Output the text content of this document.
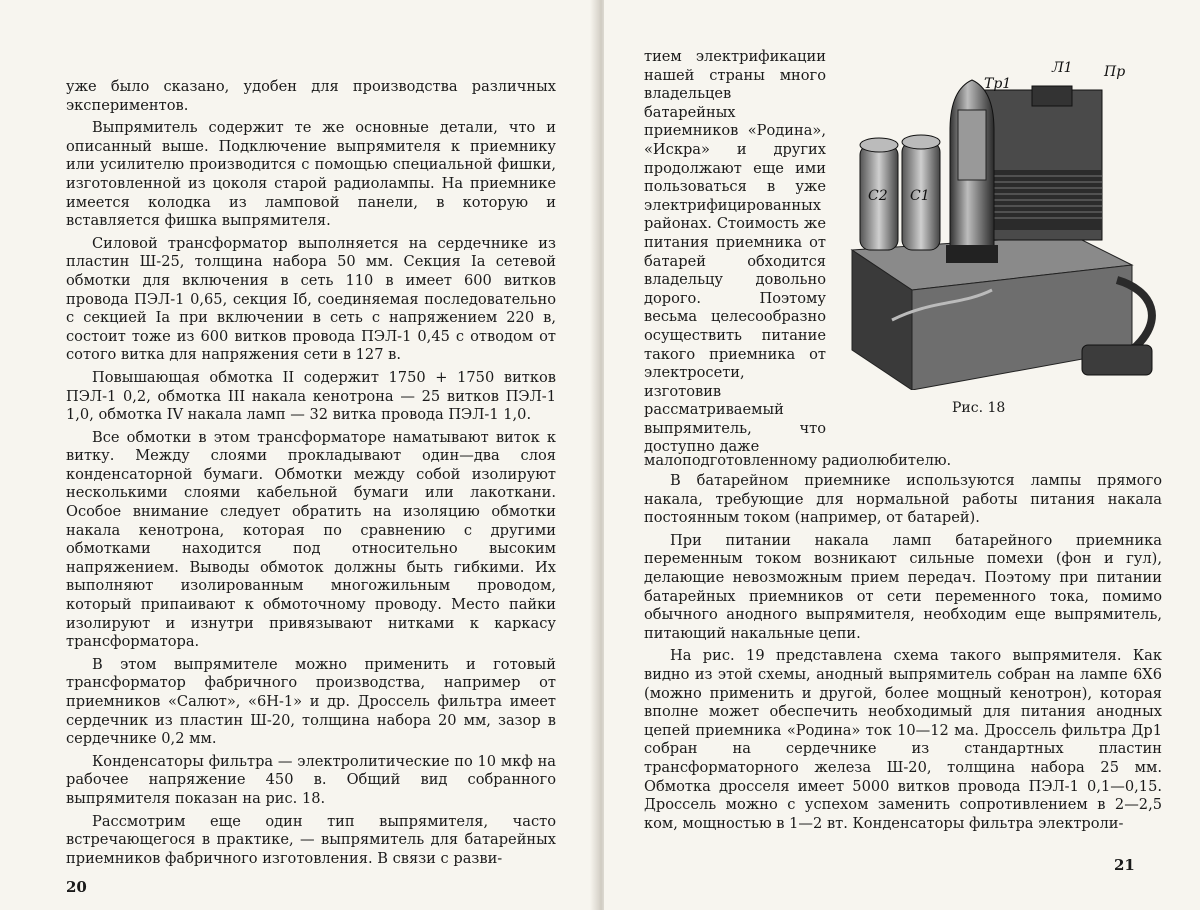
уже было сказано, удобен для производства различных экспериментов.

Выпрямитель содержит те же основные детали, что и описанный выше. Подключение выпрямителя к приемнику или усилителю производится с помощью специальной фишки, изготовленной из цоколя старой радиолампы. На приемнике имеется колодка из ламповой панели, в которую и вставляется фишка выпрямителя.

Силовой трансформатор выполняется на сердечнике из пластин Ш-25, толщина набора 50 мм. Секция Iа сетевой обмотки для включения в сеть 110 в имеет 600 витков провода ПЭЛ-1 0,65, секция Iб, соединяемая последовательно с секцией Iа при включении в сеть с напряжением 220 в, состоит тоже из 600 витков провода ПЭЛ-1 0,45 с отводом от сотого витка для напряжения сети в 127 в.

Повышающая обмотка II содержит 1750 + 1750 витков ПЭЛ-1 0,2, обмотка III накала кенотрона — 25 витков ПЭЛ-1 1,0, обмотка IV накала ламп — 32 витка провода ПЭЛ-1 1,0.

Все обмотки в этом трансформаторе наматывают виток к витку. Между слоями прокладывают один—два слоя конденсаторной бумаги. Обмотки между собой изолируют несколькими слоями кабельной бумаги или лакоткани. Особое внимание следует обратить на изоляцию обмотки накала кенотрона, которая по сравнению с другими обмотками находится под относительно высоким напряжением. Выводы обмоток должны быть гибкими. Их выполняют изолированным многожильным проводом, который припаивают к обмоточному проводу. Место пайки изолируют и изнутри привязывают нитками к каркасу трансформатора.

В этом выпрямителе можно применить и готовый трансформатор фабричного производства, например от приемников «Салют», «6Н-1» и др. Дроссель фильтра имеет сердечник из пластин Ш-20, толщина набора 20 мм, зазор в сердечнике 0,2 мм.

Конденсаторы фильтра — электролитические по 10 мкф на рабочее напряжение 450 в. Общий вид собранного выпрямителя показан на рис. 18.

Рассмотрим еще один тип выпрямителя, часто встречающегося в практике, — выпрямитель для батарейных приемников фабричного изготовления. В связи с разви-

20

тием электрификации нашей страны много владельцев батарейных приемников «Родина», «Искра» и других продолжают еще ими пользоваться в уже электрифицированных районах. Стоимость же питания приемника от батарей обходится владельцу довольно дорого. Поэтому весьма целесообразно осуществить питание такого приемника от электросети, изготовив рассматриваемый выпрямитель, что доступно даже

Тр1
Л1 Пр
С2 С1
Рис. 18

малоподготовленному радиолюбителю.

В батарейном приемнике используются лампы прямого накала, требующие для нормальной работы питания накала постоянным током (например, от батарей).

При питании накала ламп батарейного приемника переменным током возникают сильные помехи (фон и гул), делающие невозможным прием передач. Поэтому при питании батарейных приемников от сети переменного тока, помимо обычного анодного выпрямителя, необходим еще выпрямитель, питающий накальные цепи.

На рис. 19 представлена схема такого выпрямителя. Как видно из этой схемы, анодный выпрямитель собран на лампе 6Х6 (можно применить и другой, более мощный кенотрон), которая вполне может обеспечить необходимый для питания анодных цепей приемника «Родина» ток 10—12 ма. Дроссель фильтра Др1 собран на сердечнике из стандартных пластин трансформаторного железа Ш-20, толщина набора 25 мм. Обмотка дросселя имеет 5000 витков провода ПЭЛ-1 0,1—0,15. Дроссель можно с успехом заменить сопротивлением в 2—2,5 ком, мощностью в 1—2 вт. Конденсаторы фильтра электроли-

21
